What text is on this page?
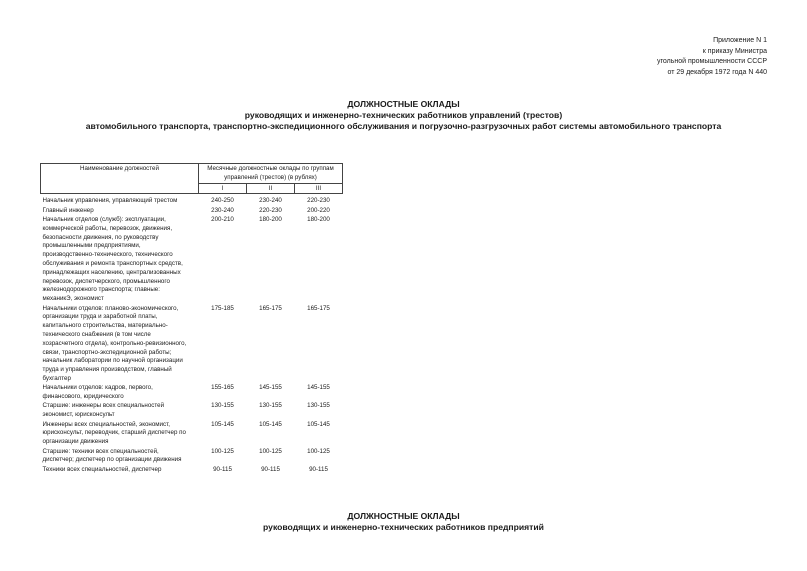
Приложение N 1
к приказу Министра
угольной промышленности СССР
от 29 декабря 1972 года N 440
ДОЛЖНОСТНЫЕ ОКЛАДЫ
руководящих и инженерно-технических работников управлений (трестов)
автомобильного транспорта, транспортно-экспедиционного обслуживания и погрузочно-разгрузочных работ системы автомобильного транспорта
Наименование должностей	Месячные должностные оклады по группам управлений (трестов) (в рублях)		
	I	II	III
Начальник управления, управляющий трестом	240-250	230-240	220-230
Главный инженер	230-240	220-230	200-220
Начальник отделов (служб): эксплуатации, коммерческой работы, перевозок, движения, безопасности движения, по руководству промышленными предприятиями, производственно-технического, технического обслуживания и ремонта транспортных средств, принадлежащих населению, централизованных перевозок, диспетчерского, промышленного железнодорожного транспорта; главные: механикЭ, экономист	200-210	180-200	180-200
Начальники отделов: планово-экономического, организации труда и заработной платы, капитального строительства, материально-технического снабжения (в том числе хозрасчетного отдела), контрольно-ревизионного, связи, транспортно-экспедиционной работы; начальник лаборатории по научной организации труда и управления производством, главный бухгалтер	175-185	165-175	165-175
Начальники отделов: кадров, первого, финансового, юридического	155-165	145-155	145-155
Старшие: инженеры всех специальностей экономист, юрисконсульт	130-155	130-155	130-155
Инженеры всех специальностей, экономист, юрисконсульт, переводчик, старший диспетчер по организации движения	105-145	105-145	105-145
Старшие: техники всех специальностей, диспетчер; диспетчер по организации движения	100-125	100-125	100-125
Техники всех специальностей, диспетчер	90-115	90-115	90-115
ДОЛЖНОСТНЫЕ ОКЛАДЫ
руководящих и инженерно-технических работников предприятий
